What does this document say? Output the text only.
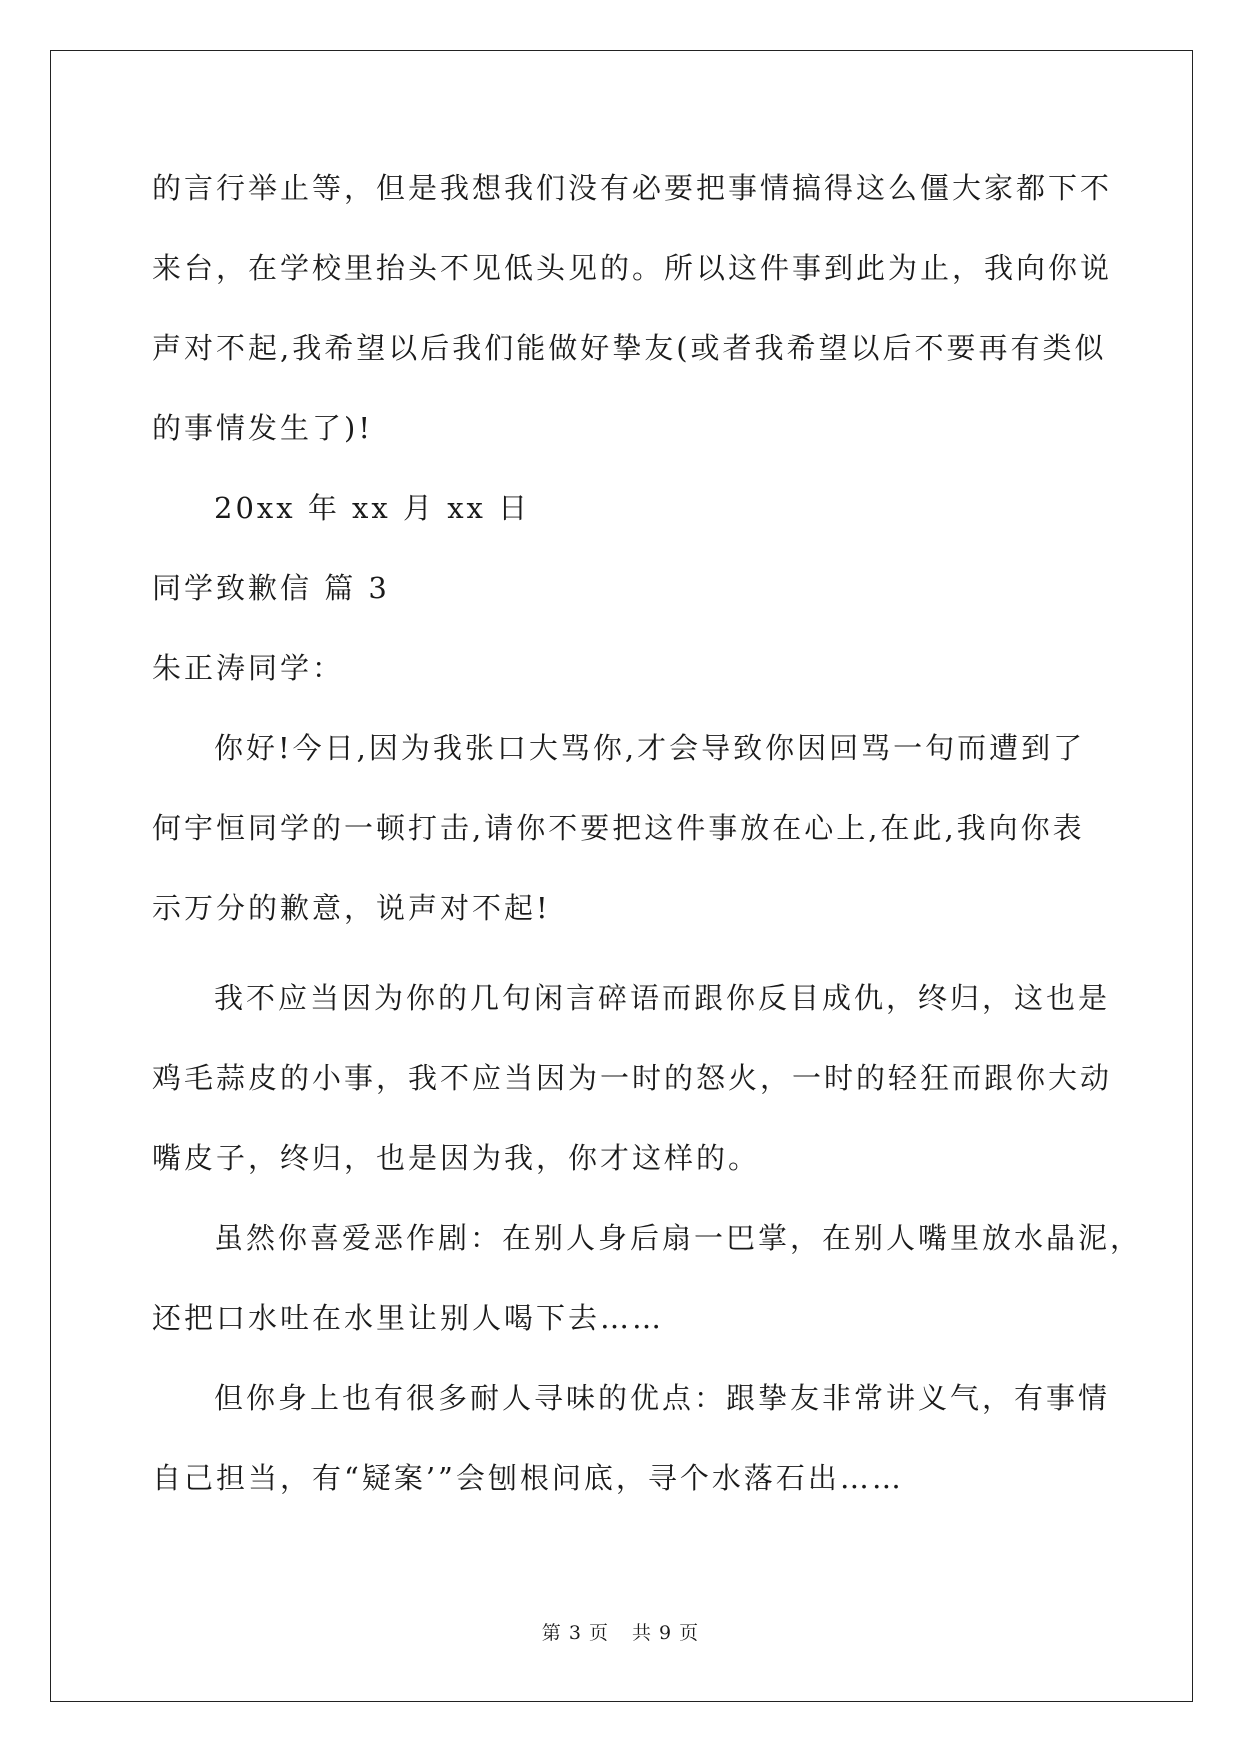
的言行举止等，但是我想我们没有必要把事情搞得这么僵大家都下不
来台，在学校里抬头不见低头见的。所以这件事到此为止，我向你说
声对不起,我希望以后我们能做好挚友(或者我希望以后不要再有类似
的事情发生了)!
20xx 年 xx 月 xx 日
同学致歉信 篇 3
朱正涛同学：
你好!今日,因为我张口大骂你,才会导致你因回骂一句而遭到了
何宇恒同学的一顿打击,请你不要把这件事放在心上,在此,我向你表
示万分的歉意，说声对不起!
我不应当因为你的几句闲言碎语而跟你反目成仇，终归，这也是
鸡毛蒜皮的小事，我不应当因为一时的怒火，一时的轻狂而跟你大动
嘴皮子，终归，也是因为我，你才这样的。
虽然你喜爱恶作剧：在别人身后扇一巴掌，在别人嘴里放水晶泥，
还把口水吐在水里让别人喝下去……
但你身上也有很多耐人寻味的优点：跟挚友非常讲义气，有事情
自己担当，有“疑案’”会刨根问底，寻个水落石出……
第 3 页 共 9 页
